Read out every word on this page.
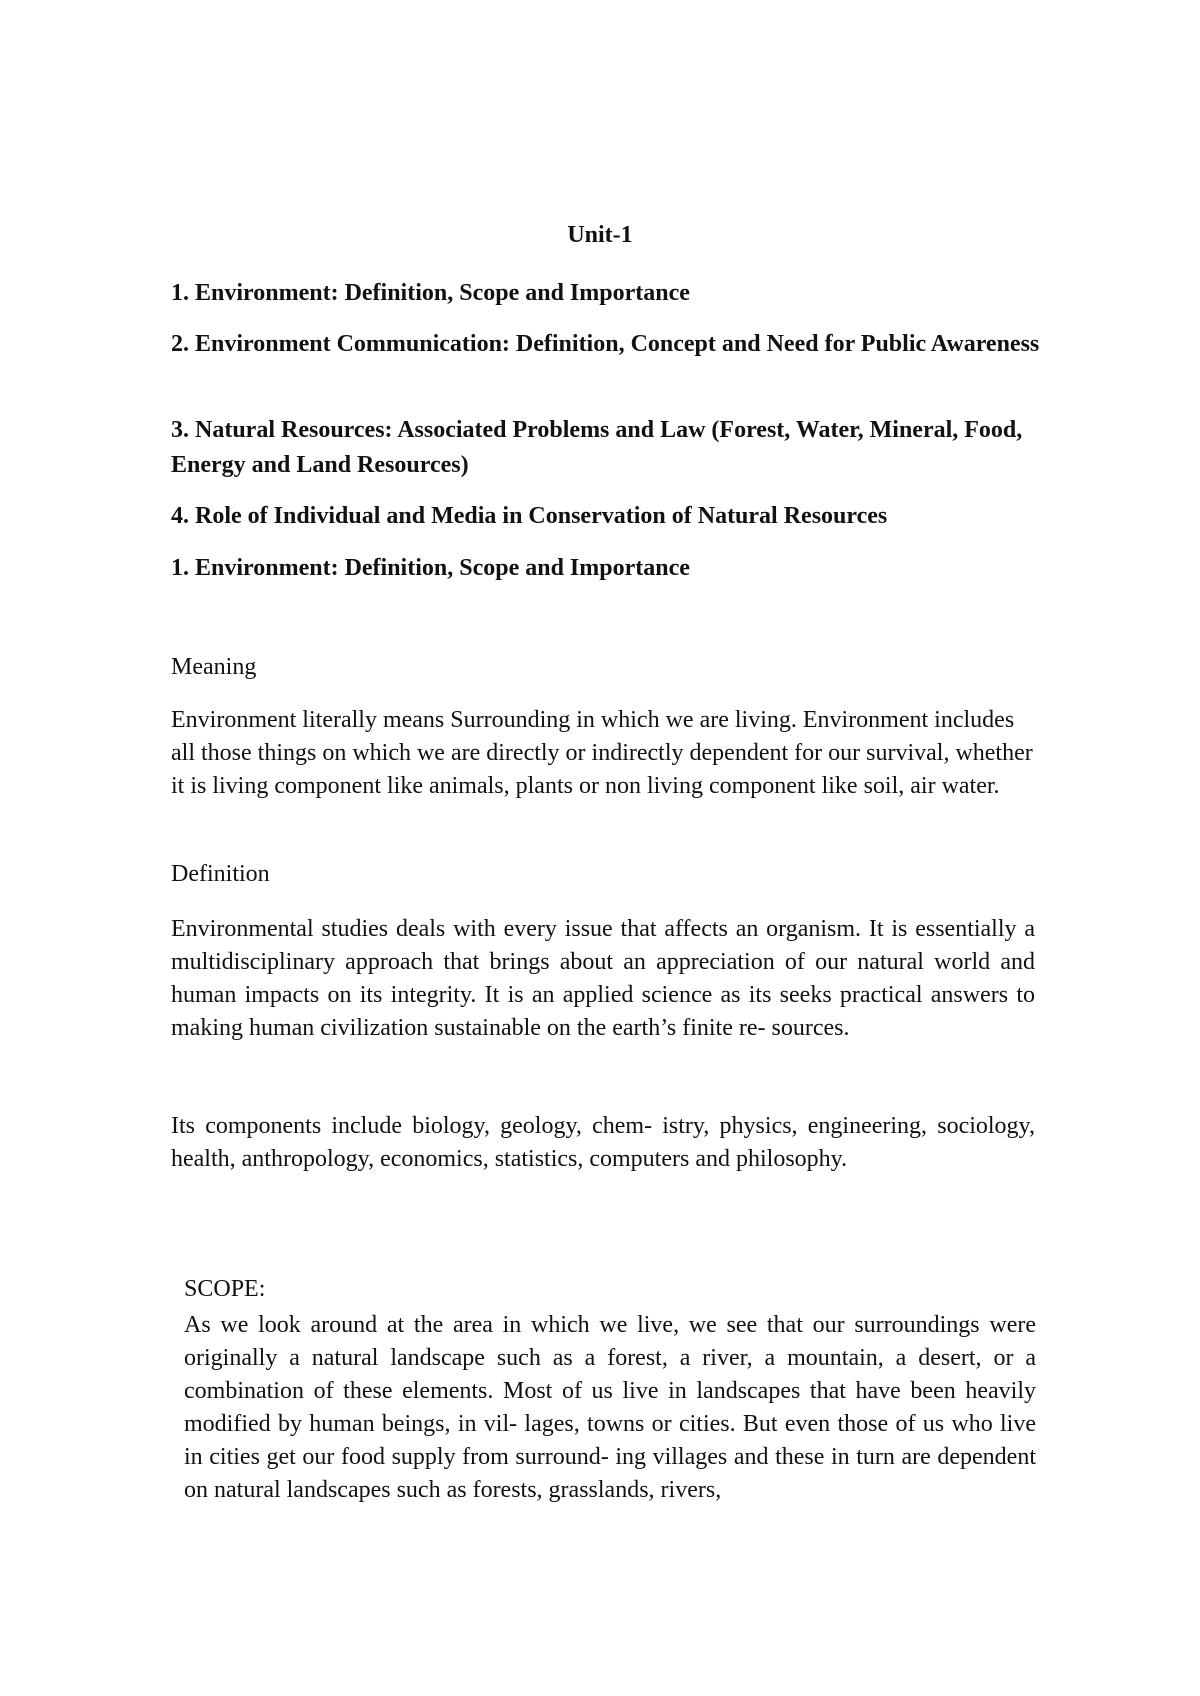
Unit-1
1. Environment: Definition, Scope and Importance
2. Environment Communication: Definition, Concept and Need for Public Awareness
3. Natural Resources: Associated Problems and Law (Forest, Water, Mineral, Food, Energy and Land Resources)
4. Role of Individual and Media in Conservation of Natural Resources
1. Environment: Definition, Scope and Importance
Meaning
Environment literally means Surrounding in which we are living. Environment includes all those things on which we are directly or indirectly dependent for our survival, whether it is living component like animals, plants or non living component like soil, air water.
Definition
Environmental studies deals with every issue that affects an organism. It is essentially a multidisciplinary approach that brings about an appreciation of our natural world and human impacts on its integrity. It is an applied science as its seeks practical answers to making human civilization sustainable on the earth’s finite re- sources.
Its components include biology, geology, chem- istry, physics, engineering, sociology, health, anthropology, economics, statistics, computers and philosophy.
SCOPE:
As we look around at the area in which we live, we see that our surroundings were originally a natural landscape such as a forest, a river, a mountain, a desert, or a combination of these elements. Most of us live in landscapes that have been heavily modified by human beings, in vil- lages, towns or cities. But even those of us who live in cities get our food supply from surround- ing villages and these in turn are dependent on natural landscapes such as forests, grasslands, rivers,
